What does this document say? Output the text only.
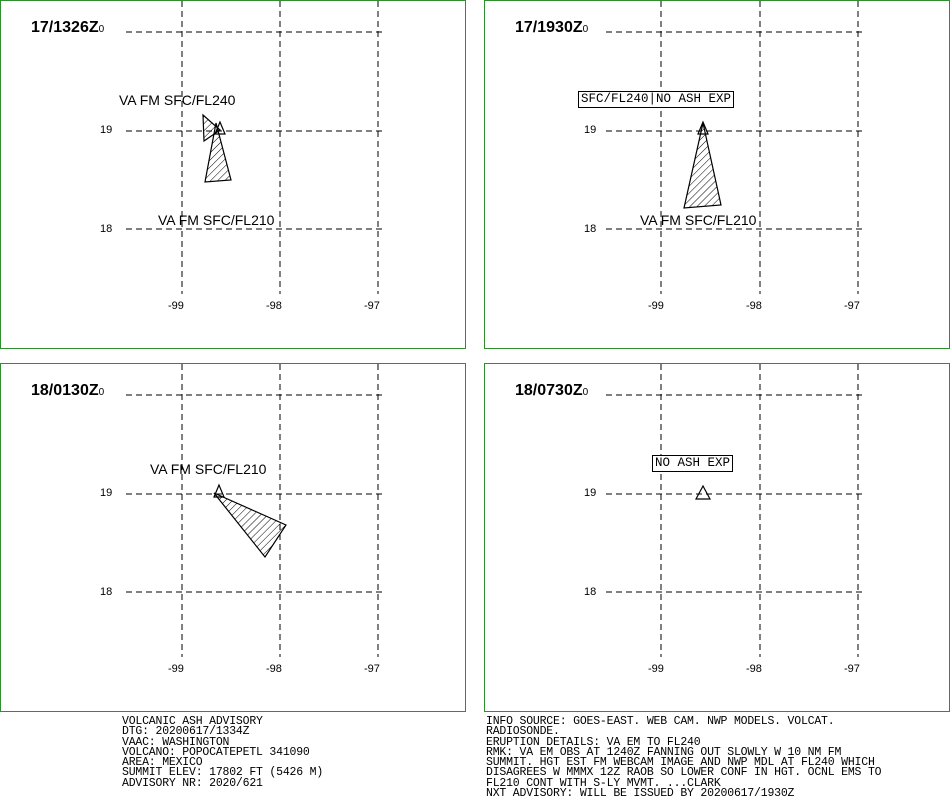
17/1326Z0
VA FM SFC/FL240
VA FM SFC/FL210
19
18
-99	-98	-97
17/1930Z0
SFC/FL240|NO ASH EXP
VA FM SFC/FL210
19
18
-99	-98	-97
18/0130Z0
VA FM SFC/FL210
19
18
-99	-98	-97
18/0730Z0
NO ASH EXP
19
18
-99	-98	-97
VOLCANIC ASH ADVISORY
DTG: 20200617/1334Z
VAAC: WASHINGTON
VOLCANO: POPOCATEPETL 341090
AREA: MEXICO
SUMMIT ELEV: 17802 FT (5426 M)
ADVISORY NR: 2020/621
INFO SOURCE: GOES-EAST. WEB CAM. NWP MODELS. VOLCAT.
RADIOSONDE.
ERUPTION DETAILS: VA EM TO FL240
RMK: VA EM OBS AT 1240Z FANNING OUT SLOWLY W 10 NM FM
SUMMIT. HGT EST FM WEBCAM IMAGE AND NWP MDL AT FL240 WHICH
DISAGREES W MMMX 12Z RAOB SO LOWER CONF IN HGT. OCNL EMS TO
FL210 CONT WITH S-LY MVMT. ...CLARK
NXT ADVISORY: WILL BE ISSUED BY 20200617/1930Z
